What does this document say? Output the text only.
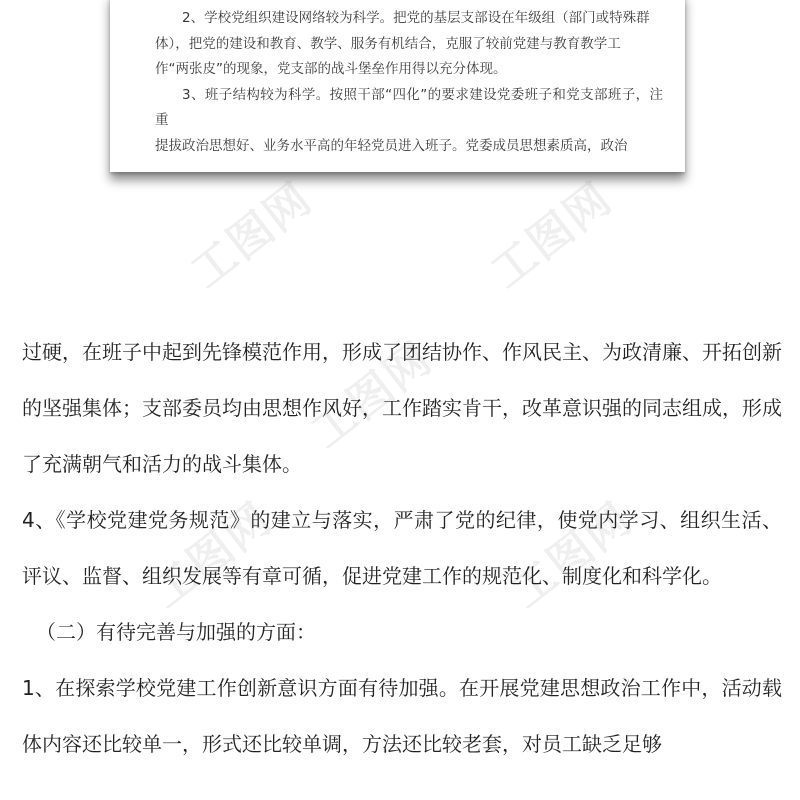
工图网	工图网
工图网
工图网	工图网

2、学校党组织建设网络较为科学。把党的基层支部设在年级组（部门或特殊群

体），把党的建设和教育、教学、服务有机结合，克服了较前党建与教育教学工

作“两张皮”的现象，党支部的战斗堡垒作用得以充分体现。

3、班子结构较为科学。按照干部“四化”的要求建设党委班子和党支部班子，注重

提拔政治思想好、业务水平高的年轻党员进入班子。党委成员思想素质高，政治

过硬，在班子中起到先锋模范作用，形成了团结协作、作风民主、为政清廉、开拓创新的坚强集体；支部委员均由思想作风好，工作踏实肯干，改革意识强的同志组成，形成了充满朝气和活力的战斗集体。

4、《学校党建党务规范》的建立与落实，严肃了党的纪律，使党内学习、组织生活、评议、监督、组织发展等有章可循，促进党建工作的规范化、制度化和科学化。

（二）有待完善与加强的方面：

1、在探索学校党建工作创新意识方面有待加强。在开展党建思想政治工作中，活动载体内容还比较单一，形式还比较单调，方法还比较老套，对员工缺乏足够
